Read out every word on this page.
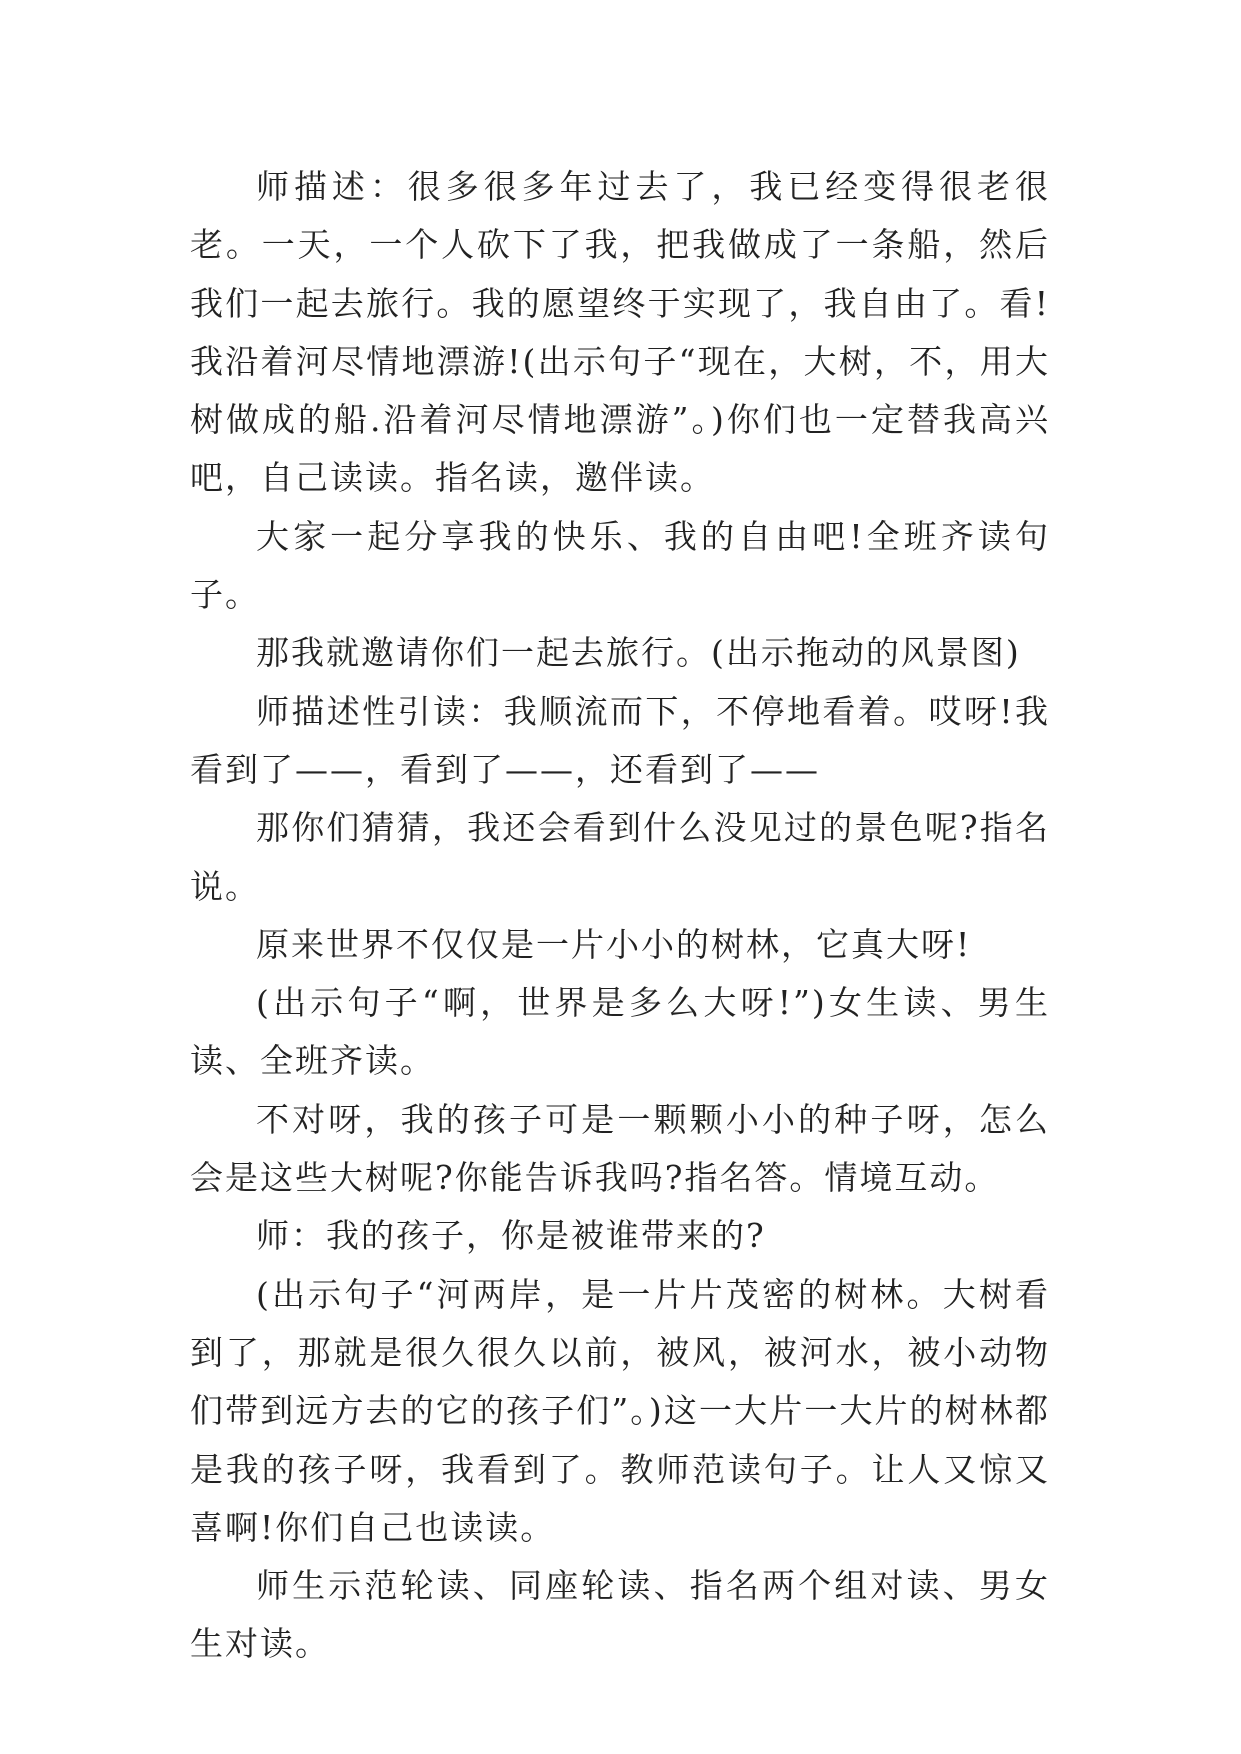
师描述：很多很多年过去了，我已经变得很老很老。一天，一个人砍下了我，把我做成了一条船，然后我们一起去旅行。我的愿望终于实现了，我自由了。看!我沿着河尽情地漂游!(出示句子“现在，大树，不，用大树做成的船.沿着河尽情地漂游”。)你们也一定替我高兴吧，自己读读。指名读，邀伴读。

大家一起分享我的快乐、我的自由吧!全班齐读句子。

那我就邀请你们一起去旅行。(出示拖动的风景图)

师描述性引读：我顺流而下，不停地看着。哎呀!我看到了——，看到了——，还看到了——

那你们猜猜，我还会看到什么没见过的景色呢?指名说。

原来世界不仅仅是一片小小的树林，它真大呀!

(出示句子“啊，世界是多么大呀!”)女生读、男生读、全班齐读。

不对呀，我的孩子可是一颗颗小小的种子呀，怎么会是这些大树呢?你能告诉我吗?指名答。情境互动。

师：我的孩子，你是被谁带来的?

(出示句子“河两岸，是一片片茂密的树林。大树看到了，那就是很久很久以前，被风，被河水，被小动物们带到远方去的它的孩子们”。)这一大片一大片的树林都是我的孩子呀，我看到了。教师范读句子。让人又惊又喜啊!你们自己也读读。

师生示范轮读、同座轮读、指名两个组对读、男女生对读。
